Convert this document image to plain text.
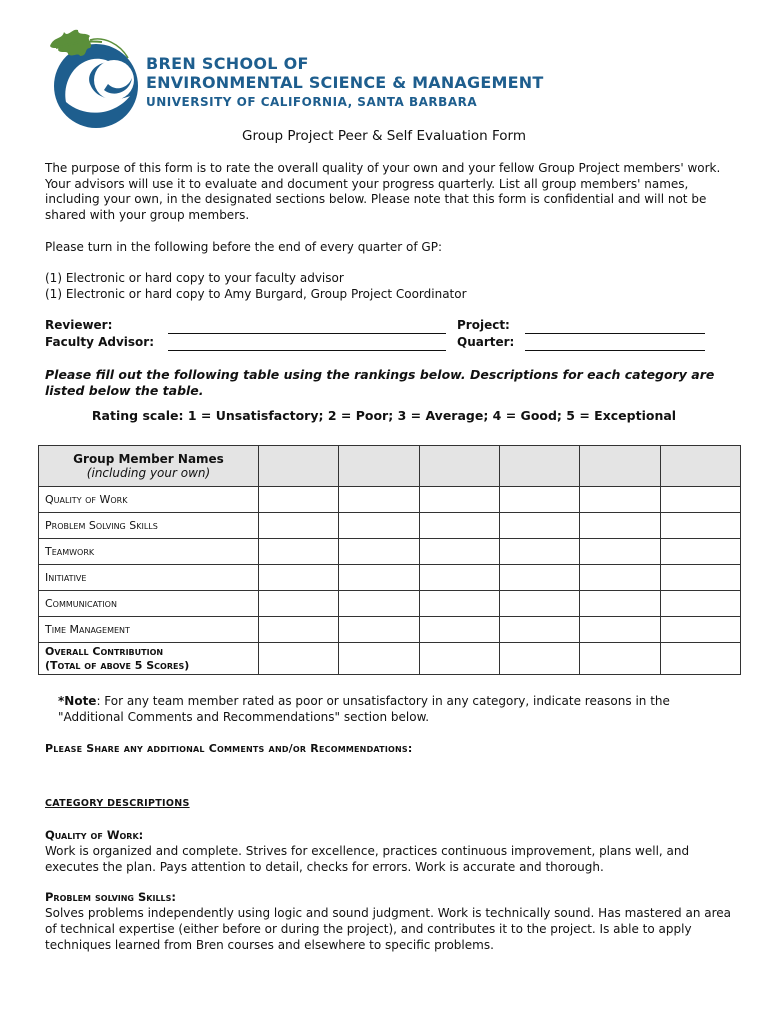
BREN SCHOOL OF
ENVIRONMENTAL SCIENCE & MANAGEMENT
UNIVERSITY OF CALIFORNIA, SANTA BARBARA
Group Project Peer & Self Evaluation Form
The purpose of this form is to rate the overall quality of your own and your fellow Group Project members' work. Your advisors will use it to evaluate and document your progress quarterly. List all group members' names, including your own, in the designated sections below. Please note that this form is confidential and will not be shared with your group members.
Please turn in the following before the end of every quarter of GP:
(1) Electronic or hard copy to your faculty advisor
(1) Electronic or hard copy to Amy Burgard, Group Project Coordinator
Reviewer:
Faculty Advisor:
Project:
Quarter:
Please fill out the following table using the rankings below. Descriptions for each category are listed below the table.
Rating scale: 1 = Unsatisfactory; 2 = Poor; 3 = Average; 4 = Good; 5 = Exceptional
Group Member Names
(including your own)						

Quality of Work						
Problem Solving Skills						
Teamwork						
Initiative						
Communication						
Time Management						
Overall Contribution
(Total of above 5 Scores)						
*Note: For any team member rated as poor or unsatisfactory in any category, indicate reasons in the "Additional Comments and Recommendations" section below.
Please Share any additional Comments and/or Recommendations:
CATEGORY DESCRIPTIONS
Quality of Work:
Work is organized and complete. Strives for excellence, practices continuous improvement, plans well, and executes the plan. Pays attention to detail, checks for errors. Work is accurate and thorough.
Problem solving Skills:
Solves problems independently using logic and sound judgment. Work is technically sound. Has mastered an area of technical expertise (either before or during the project), and contributes it to the project. Is able to apply techniques learned from Bren courses and elsewhere to specific problems.
